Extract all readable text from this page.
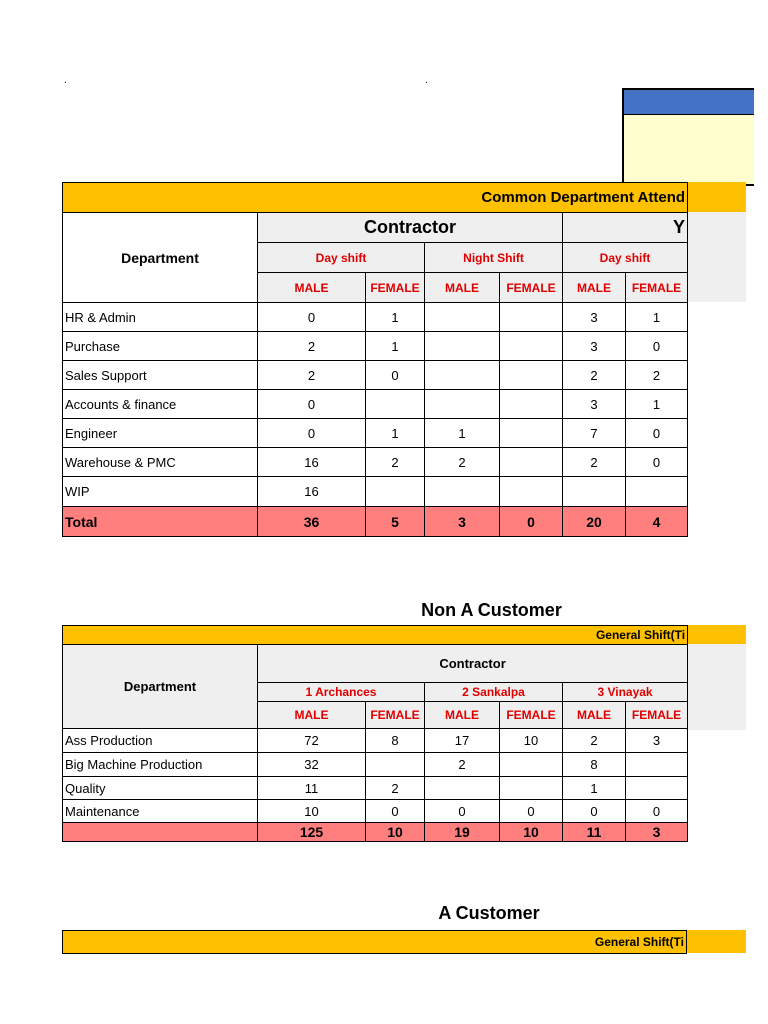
.	.
Common Department Attend						
Department	Contractor				Y	
	Day shift		Night Shift		Day shift	
	MALE	FEMALE	MALE	FEMALE	MALE	FEMALE
HR & Admin	0	1			3	1
Purchase	2	1			3	0
Sales Support	2	0			2	2
Accounts & finance	0				3	1
Engineer	0	1	1		7	0
Warehouse & PMC	16	2	2		2	0
WIP	16					
Total	36	5	3	0	20	4
Non A Customer
General Shift(Ti						
Department	Contractor					
	1 Archances		2 Sankalpa		3 Vinayak	
	MALE	FEMALE	MALE	FEMALE	MALE	FEMALE
Ass Production	72	8	17	10	2	3
Big Machine Production	32		2		8	
Quality	11	2			1	
Maintenance	10	0	0	0	0	0
	125	10	19	10	11	3
A Customer
General Shift(Ti
